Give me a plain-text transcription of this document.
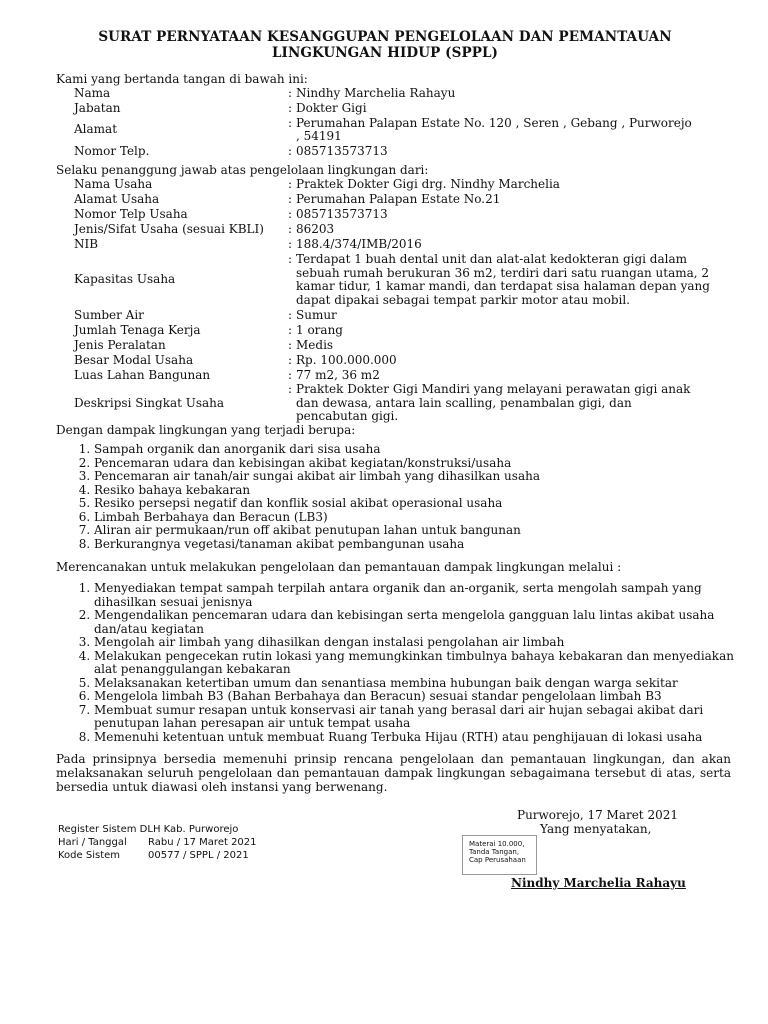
SURAT PERNYATAAN KESANGGUPAN PENGELOLAAN DAN PEMANTAUAN
LINGKUNGAN HIDUP (SPPL)
Kami yang bertanda tangan di bawah ini:
Nama	: Nindhy Marchelia Rahayu

Jabatan	: Dokter Gigi

Alamat	: Perumahan Palapan Estate No. 120 , Seren , Gebang , Purworejo , 54191

Nomor Telp.	: 085713573713
Selaku penanggung jawab atas pengelolaan lingkungan dari:
Nama Usaha	: Praktek Dokter Gigi drg. Nindhy Marchelia

Alamat Usaha	: Perumahan Palapan Estate No.21

Nomor Telp Usaha	: 085713573713

Jenis/Sifat Usaha (sesuai KBLI)	: 86203

NIB	: 188.4/374/IMB/2016

Kapasitas Usaha	: Terdapat 1 buah dental unit dan alat-alat kedokteran gigi dalam sebuah rumah berukuran 36 m2, terdiri dari satu ruangan utama, 2 kamar tidur, 1 kamar mandi, dan terdapat sisa halaman depan yang dapat dipakai sebagai tempat parkir motor atau mobil.

Sumber Air	: Sumur

Jumlah Tenaga Kerja	: 1 orang

Jenis Peralatan	: Medis

Besar Modal Usaha	: Rp. 100.000.000

Luas Lahan Bangunan	: 77 m2, 36 m2

Deskripsi Singkat Usaha	: Praktek Dokter Gigi Mandiri yang melayani perawatan gigi anak dan dewasa, antara lain scalling, penambalan gigi, dan pencabutan gigi.
Dengan dampak lingkungan yang terjadi berupa:
1. Sampah organik dan anorganik dari sisa usaha
2. Pencemaran udara dan kebisingan akibat kegiatan/konstruksi/usaha
3. Pencemaran air tanah/air sungai akibat air limbah yang dihasilkan usaha
4. Resiko bahaya kebakaran
5. Resiko persepsi negatif dan konflik sosial akibat operasional usaha
6. Limbah Berbahaya dan Beracun (LB3)
7. Aliran air permukaan/run off akibat penutupan lahan untuk bangunan
8. Berkurangnya vegetasi/tanaman akibat pembangunan usaha
Merencanakan untuk melakukan pengelolaan dan pemantauan dampak lingkungan melalui :
1. Menyediakan tempat sampah terpilah antara organik dan an-organik, serta mengolah sampah yang dihasilkan sesuai jenisnya
2. Mengendalikan pencemaran udara dan kebisingan serta mengelola gangguan lalu lintas akibat usaha dan/atau kegiatan
3. Mengolah air limbah yang dihasilkan dengan instalasi pengolahan air limbah
4. Melakukan pengecekan rutin lokasi yang memungkinkan timbulnya bahaya kebakaran dan menyediakan alat penanggulangan kebakaran
5. Melaksanakan ketertiban umum dan senantiasa membina hubungan baik dengan warga sekitar
6. Mengelola limbah B3 (Bahan Berbahaya dan Beracun) sesuai standar pengelolaan limbah B3
7. Membuat sumur resapan untuk konservasi air tanah yang berasal dari air hujan sebagai akibat dari penutupan lahan peresapan air untuk tempat usaha
8. Memenuhi ketentuan untuk membuat Ruang Terbuka Hijau (RTH) atau penghijauan di lokasi usaha
Pada prinsipnya bersedia memenuhi prinsip rencana pengelolaan dan pemantauan lingkungan, dan akan melaksanakan seluruh pengelolaan dan pemantauan dampak lingkungan sebagaimana tersebut di atas, serta bersedia untuk diawasi oleh instansi yang berwenang.
Purworejo, 17 Maret 2021
Yang menyatakan,
Register Sistem DLH Kab. Purworejo
Hari / Tanggal	Rabu / 17 Maret 2021
Kode Sistem	00577 / SPPL / 2021
Materai 10.000,
Tanda Tangan,
Cap Perusahaan
Nindhy Marchelia Rahayu
